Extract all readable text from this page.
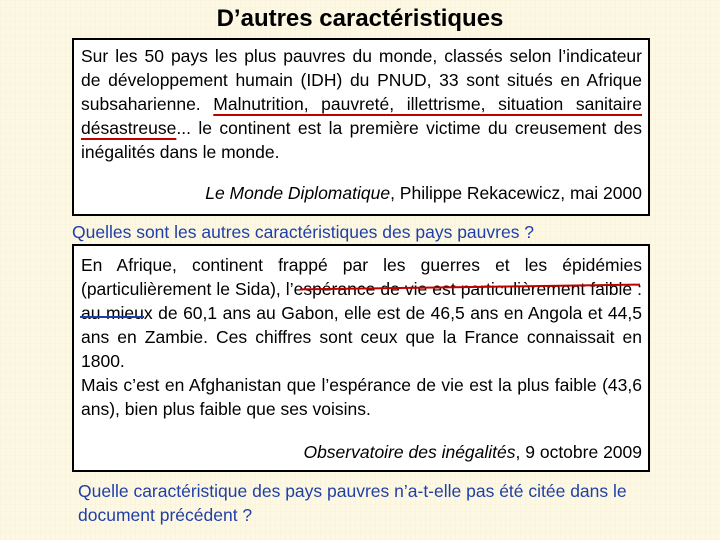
D’autres caractéristiques

Sur les 50 pays les plus pauvres du monde, classés selon l’indicateur de développement humain (IDH) du PNUD, 33 sont situés en Afrique subsaharienne. Malnutrition, pauvreté, illettrisme, situation sanitaire désastreuse... le continent est la première victime du creusement des inégalités dans le monde.

Le Monde Diplomatique, Philippe Rekacewicz, mai 2000

Quelles sont les autres caractéristiques des pays pauvres ?

En Afrique, continent frappé par les guerres et les épidémies (particulièrement le Sida), l’espérance de vie est particulièrement faible : au mieux de 60,1 ans au Gabon, elle est de 46,5 ans en Angola et 44,5 ans en Zambie. Ces chiffres sont ceux que la France connaissait en 1800.

Mais c’est en Afghanistan que l’espérance de vie est la plus faible (43,6 ans), bien plus faible que ses voisins.

Observatoire des inégalités, 9 octobre 2009

Quelle caractéristique des pays pauvres n’a-t-elle pas été citée dans le document précédent ?
